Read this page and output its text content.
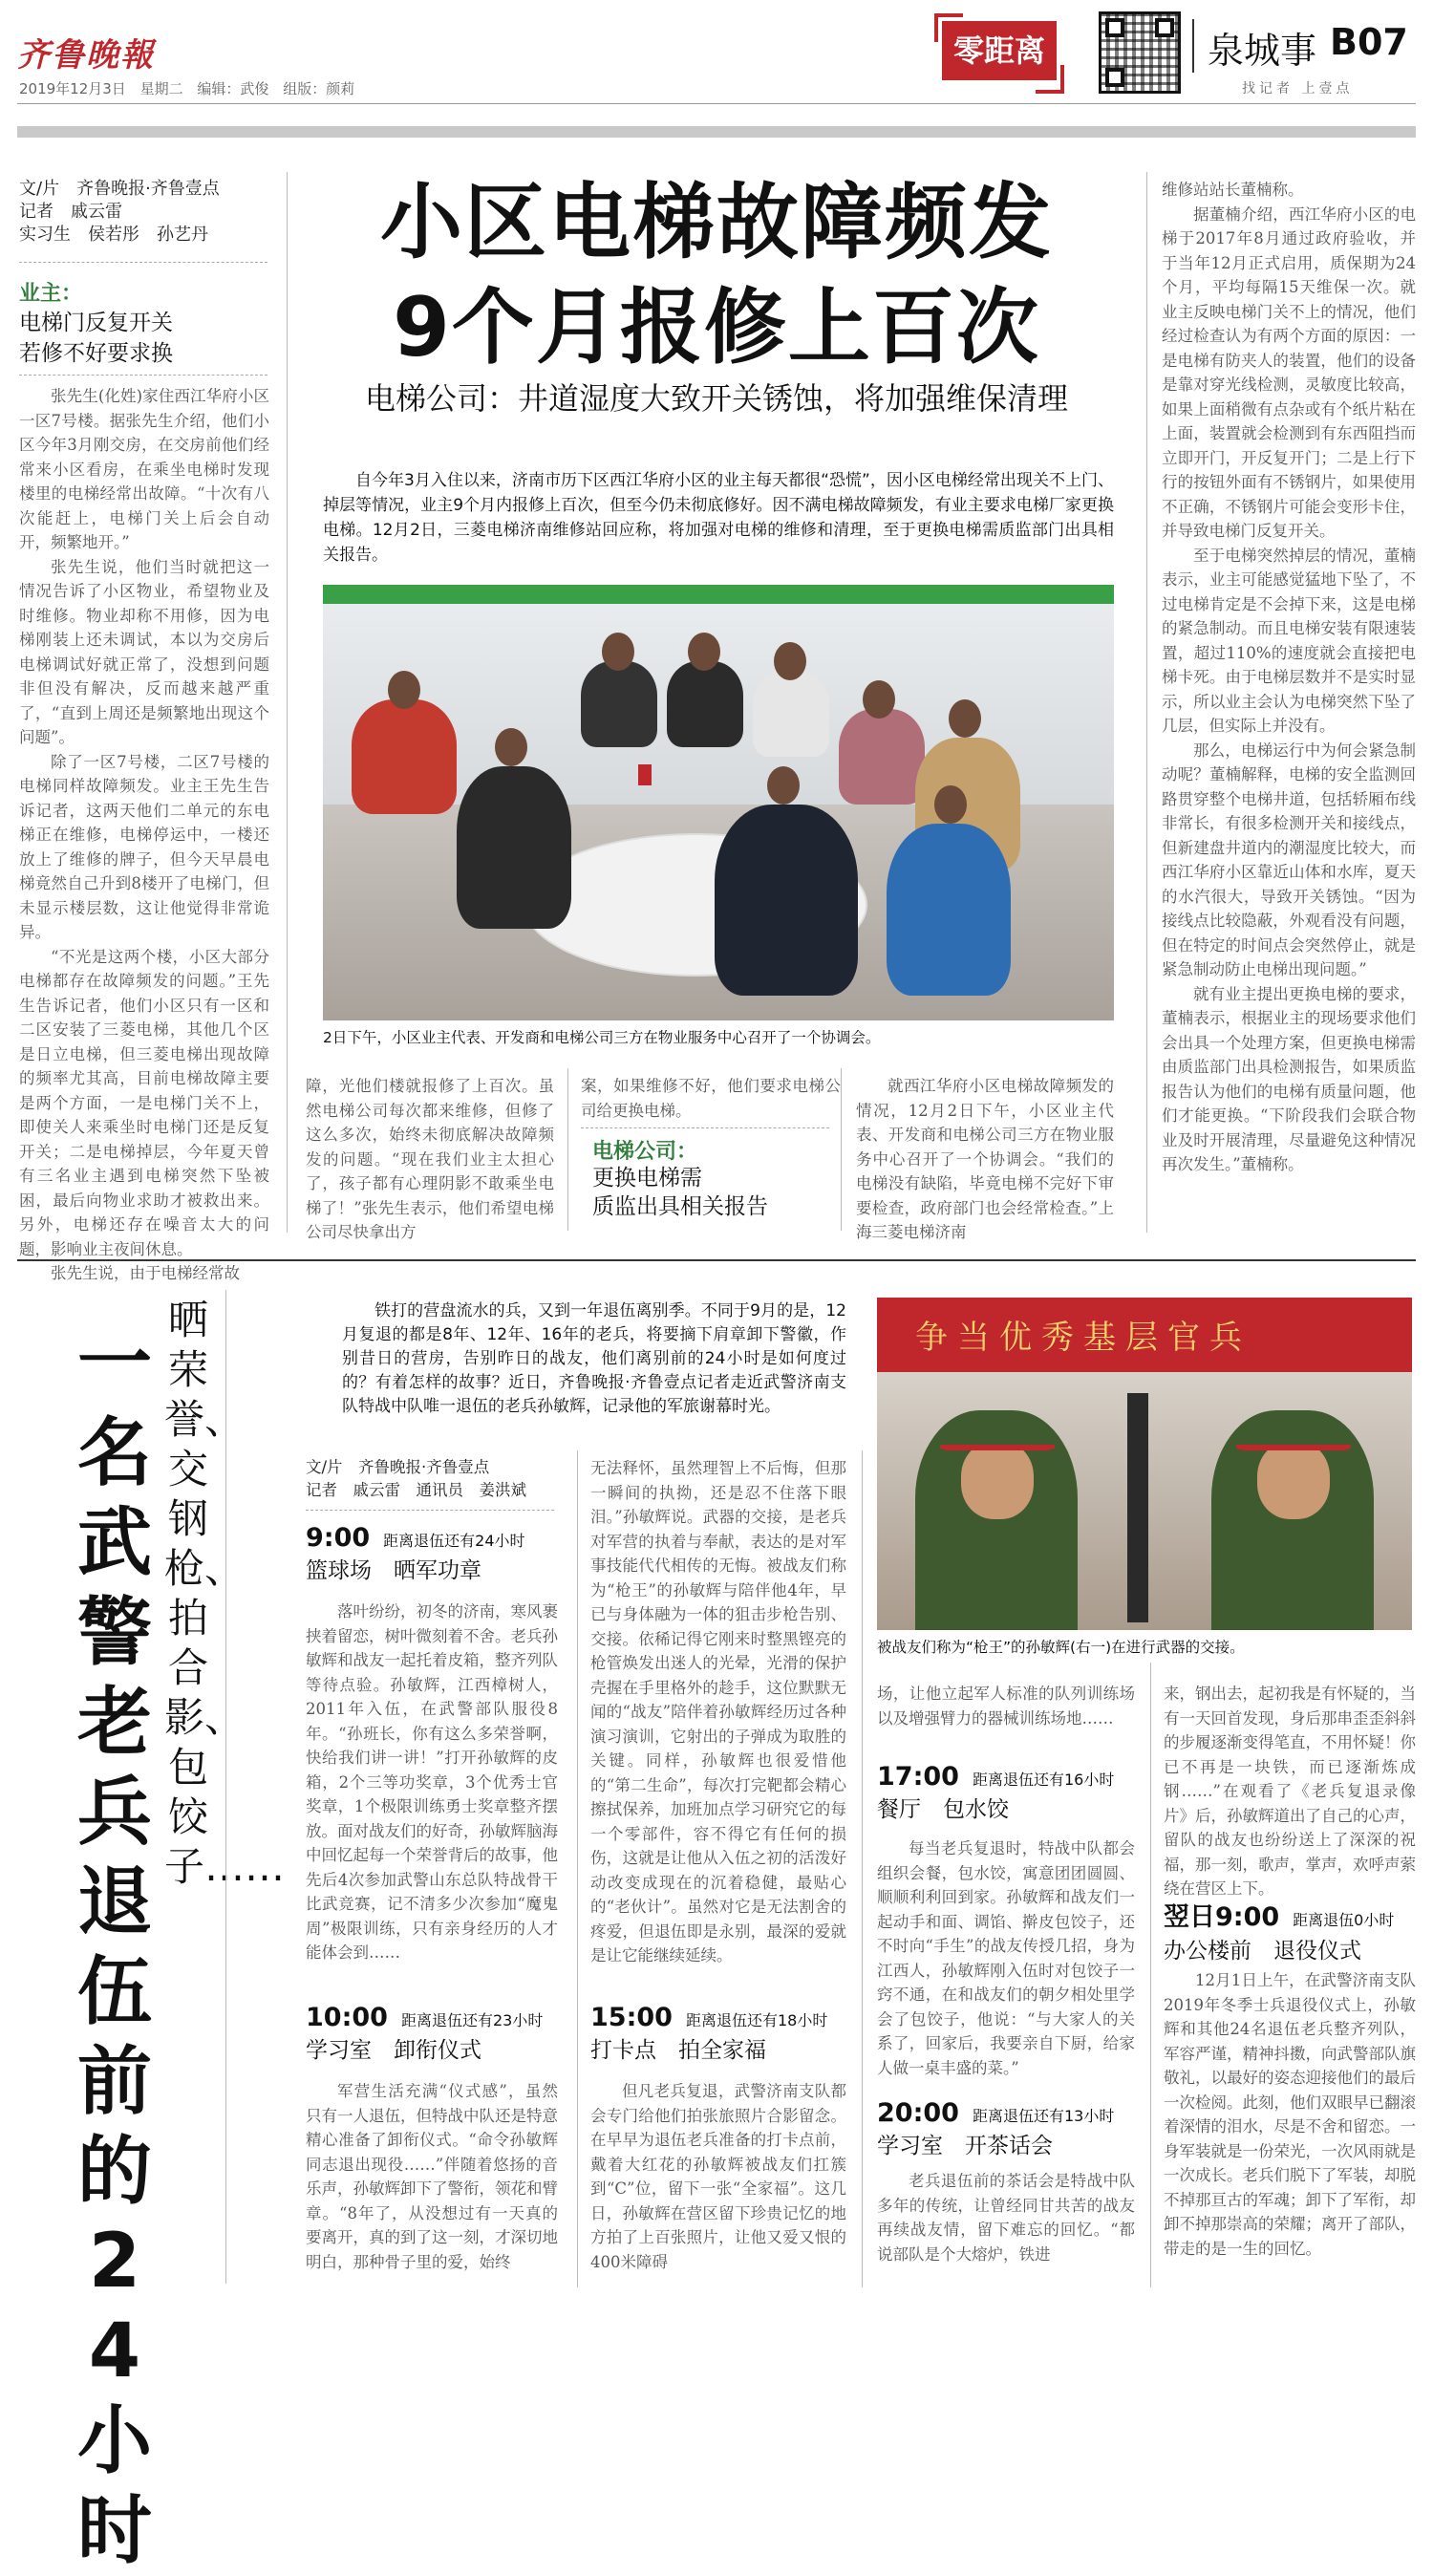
齐鲁晚報
2019年12月3日 星期二 编辑：武俊 组版：颜莉
零距离	泉城事 B07
找记者 上壹点
文/片　齐鲁晚报·齐鲁壹点
记者　戚云雷
实习生　侯若彤　孙艺丹
业主：
电梯门反复开关
若修不好要求换

张先生(化姓)家住西江华府小区一区7号楼。据张先生介绍，他们小区今年3月刚交房，在交房前他们经常来小区看房，在乘坐电梯时发现楼里的电梯经常出故障。“十次有八次能赶上，电梯门关上后会自动开，频繁地开。”

张先生说，他们当时就把这一情况告诉了小区物业，希望物业及时维修。物业却称不用修，因为电梯刚装上还未调试，本以为交房后电梯调试好就正常了，没想到问题非但没有解决，反而越来越严重了，“直到上周还是频繁地出现这个问题”。

除了一区7号楼，二区7号楼的电梯同样故障频发。业主王先生告诉记者，这两天他们二单元的东电梯正在维修，电梯停运中，一楼还放上了维修的牌子，但今天早晨电梯竟然自己升到8楼开了电梯门，但未显示楼层数，这让他觉得非常诡异。

“不光是这两个楼，小区大部分电梯都存在故障频发的问题。”王先生告诉记者，他们小区只有一区和二区安装了三菱电梯，其他几个区是日立电梯，但三菱电梯出现故障的频率尤其高，目前电梯故障主要是两个方面，一是电梯门关不上，即使关人来乘坐时电梯门还是反复开关；二是电梯掉层，今年夏天曾有三名业主遇到电梯突然下坠被困，最后向物业求助才被救出来。另外，电梯还存在噪音太大的问题，影响业主夜间休息。

张先生说，由于电梯经常故

小区电梯故障频发
9个月报修上百次
电梯公司：井道湿度大致开关锈蚀，将加强维保清理
自今年3月入住以来，济南市历下区西江华府小区的业主每天都很“恐慌”，因小区电梯经常出现关不上门、掉层等情况，业主9个月内报修上百次，但至今仍未彻底修好。因不满电梯故障频发，有业主要求电梯厂家更换电梯。12月2日，三菱电梯济南维修站回应称，将加强对电梯的维修和清理，至于更换电梯需质监部门出具相关报告。
2日下午，小区业主代表、开发商和电梯公司三方在物业服务中心召开了一个协调会。

障，光他们楼就报修了上百次。虽然电梯公司每次都来维修，但修了这么多次，始终未彻底解决故障频发的问题。“现在我们业主太担心了，孩子都有心理阴影不敢乘坐电梯了！”张先生表示，他们希望电梯公司尽快拿出方

案，如果维修不好，他们要求电梯公司给更换电梯。

电梯公司：
更换电梯需
质监出具相关报告

就西江华府小区电梯故障频发的情况，12月2日下午，小区业主代表、开发商和电梯公司三方在物业服务中心召开了一个协调会。“我们的电梯没有缺陷，毕竟电梯不完好下审要检查，政府部门也会经常检查。”上海三菱电梯济南

维修站站长董楠称。

据董楠介绍，西江华府小区的电梯于2017年8月通过政府验收，并于当年12月正式启用，质保期为24个月，平均每隔15天维保一次。就业主反映电梯门关不上的情况，他们经过检查认为有两个方面的原因：一是电梯有防夹人的装置，他们的设备是靠对穿光线检测，灵敏度比较高，如果上面稍微有点杂或有个纸片粘在上面，装置就会检测到有东西阻挡而立即开门，开反复开门；二是上行下行的按钮外面有不锈钢片，如果使用不正确，不锈钢片可能会变形卡住，并导致电梯门反复开关。

至于电梯突然掉层的情况，董楠表示，业主可能感觉猛地下坠了，不过电梯肯定是不会掉下来，这是电梯的紧急制动。而且电梯安装有限速装置，超过110%的速度就会直接把电梯卡死。由于电梯层数并不是实时显示，所以业主会认为电梯突然下坠了几层，但实际上并没有。

那么，电梯运行中为何会紧急制动呢？董楠解释，电梯的安全监测回路贯穿整个电梯井道，包括轿厢布线非常长，有很多检测开关和接线点，但新建盘井道内的潮湿度比较大，而西江华府小区靠近山体和水库，夏天的水汽很大，导致开关锈蚀。“因为接线点比较隐蔽，外观看没有问题，但在特定的时间点会突然停止，就是紧急制动防止电梯出现问题。”

就有业主提出更换电梯的要求，董楠表示，根据业主的现场要求他们会出具一个处理方案，但更换电梯需由质监部门出具检测报告，如果质监报告认为他们的电梯有质量问题，他们才能更换。“下阶段我们会联合物业及时开展清理，尽量避免这种情况再次发生。”董楠称。

一名武警老兵退伍前的24小时
晒荣誉、交钢枪、拍合影、包饺子……
铁打的营盘流水的兵，又到一年退伍离别季。不同于9月的是，12月复退的都是8年、12年、16年的老兵，将要摘下肩章卸下警徽，作别昔日的营房，告别昨日的战友，他们离别前的24小时是如何度过的？有着怎样的故事？近日，齐鲁晚报·齐鲁壹点记者走近武警济南支队特战中队唯一退伍的老兵孙敏辉，记录他的军旅谢幕时光。
争当优秀基层官兵
被战友们称为“枪王”的孙敏辉(右一)在进行武器的交接。
文/片　齐鲁晚报·齐鲁壹点
记者　戚云雷　通讯员　姜洪斌
9:00 距离退伍还有24小时
篮球场　晒军功章

落叶纷纷，初冬的济南，寒风裹挟着留恋，树叶微刻着不舍。老兵孙敏辉和战友一起托着皮箱，整齐列队等待点验。孙敏辉，江西樟树人，2011年入伍，在武警部队服役8年。“孙班长，你有这么多荣誉啊，快给我们讲一讲！”打开孙敏辉的皮箱，2个三等功奖章，3个优秀士官奖章，1个极限训练勇士奖章整齐摆放。面对战友们的好奇，孙敏辉脑海中回忆起每一个荣誉背后的故事，他先后4次参加武警山东总队特战骨干比武竞赛，记不清多少次参加“魔鬼周”极限训练，只有亲身经历的人才能体会到……

10:00 距离退伍还有23小时
学习室　卸衔仪式

军营生活充满“仪式感”，虽然只有一人退伍，但特战中队还是特意精心准备了卸衔仪式。“命令孙敏辉同志退出现役……”伴随着悠扬的音乐声，孙敏辉卸下了警衔，领花和臂章。“8年了，从没想过有一天真的要离开，真的到了这一刻，才深切地明白，那种骨子里的爱，始终

无法释怀，虽然理智上不后悔，但那一瞬间的执拗，还是忍不住落下眼泪。”孙敏辉说。武器的交接，是老兵对军营的执着与奉献，表达的是对军事技能代代相传的无悔。被战友们称为“枪王”的孙敏辉与陪伴他4年，早已与身体融为一体的狙击步枪告别、交接。依稀记得它刚来时整黑铿亮的枪管焕发出迷人的光晕，光滑的保护壳握在手里格外的趁手，这位默默无闻的“战友”陪伴着孙敏辉经历过各种演习演训，它射出的子弹成为取胜的关键。同样，孙敏辉也很爱惜他的“第二生命”，每次打完靶都会精心擦拭保养，加班加点学习研究它的每一个零部件，容不得它有任何的损伤，这就是让他从入伍之初的活泼好动改变成现在的沉着稳健，最贴心的“老伙计”。虽然对它是无法割舍的疼爱，但退伍即是永别，最深的爱就是让它能继续延续。

15:00 距离退伍还有18小时
打卡点　拍全家福

但凡老兵复退，武警济南支队都会专门给他们拍张旅照片合影留念。在早早为退伍老兵准备的打卡点前，戴着大红花的孙敏辉被战友们扛簇到“C”位，留下一张“全家福”。这几日，孙敏辉在营区留下珍贵记忆的地方拍了上百张照片，让他又爱又恨的400米障碍

场，让他立起军人标准的队列训练场以及增强臂力的器械训练场地……

17:00 距离退伍还有16小时
餐厅　包水饺

每当老兵复退时，特战中队都会组织会餐，包水饺，寓意团团圆圆、顺顺利利回到家。孙敏辉和战友们一起动手和面、调馅、擀皮包饺子，还不时向“手生”的战友传授几招，身为江西人，孙敏辉刚入伍时对包饺子一窍不通，在和战友们的朝夕相处里学会了包饺子，他说：“与大家人的关系了，回家后，我要亲自下厨，给家人做一桌丰盛的菜。”

20:00 距离退伍还有13小时
学习室　开茶话会

老兵退伍前的茶话会是特战中队多年的传统，让曾经同甘共苦的战友再续战友情，留下难忘的回忆。“都说部队是个大熔炉，铁进

来，钢出去，起初我是有怀疑的，当有一天回首发现，身后那串歪歪斜斜的步履逐渐变得笔直，不用怀疑！你已不再是一块铁，而已逐渐炼成钢……”在观看了《老兵复退录像片》后，孙敏辉道出了自己的心声，留队的战友也纷纷送上了深深的祝福，那一刻，歌声，掌声，欢呼声萦绕在营区上下。

翌日9:00 距离退伍0小时
办公楼前　退役仪式

12月1日上午，在武警济南支队2019年冬季士兵退役仪式上，孙敏辉和其他24名退伍老兵整齐列队，军容严谨，精神抖擞，向武警部队旗敬礼，以最好的姿态迎接他们的最后一次检阅。此刻，他们双眼早已翻滚着深情的泪水，尽是不舍和留恋。一身军装就是一份荣光，一次风雨就是一次成长。老兵们脱下了军装，却脱不掉那亘古的军魂；卸下了军衔，却卸不掉那崇高的荣耀；离开了部队，带走的是一生的回忆。
